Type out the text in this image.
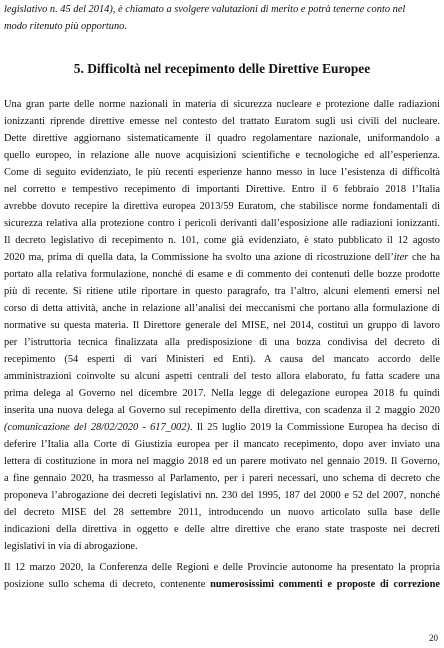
legislativo n. 45 del 2014), è chiamato a svolgere valutazioni di merito e potrà tenerne conto nel
modo ritenuto più opportuno.
5. Difficoltà nel recepimento delle Direttive Europee
Una gran parte delle norme nazionali in materia di sicurezza nucleare e protezione dalle radiazioni
ionizzanti riprende direttive emesse nel contesto del trattato Euratom sugli usi civili del nucleare.
Dette direttive aggiornano sistematicamente il quadro regolamentare nazionale, uniformandolo a
quello europeo, in relazione alle nuove acquisizioni scientifiche e tecnologiche ed all’esperienza.
Come di seguito evidenziato, le più recenti esperienze hanno messo in luce l’esistenza di difficoltà
nel corretto e tempestivo recepimento di importanti Direttive. Entro il 6 febbraio 2018 l’Italia
avrebbe dovuto recepire la direttiva europea 2013/59 Euratom, che stabilisce norme fondamentali di
sicurezza relativa alla protezione contro i pericoli derivanti dall’esposizione alle radiazioni ionizzanti.
Il decreto legislativo di recepimento n. 101, come già evidenziato, è stato pubblicato il 12 agosto
2020 ma, prima di quella data, la Commissione ha svolto una azione di ricostruzione dell’iter che ha
portato alla relativa formulazione, nonché di esame e di commento dei contenuti delle bozze prodotte
più di recente. Si ritiene utile riportare in questo paragrafo, tra l’altro, alcuni elementi emersi nel
corso di detta attività, anche in relazione all’analisi dei meccanismi che portano alla formulazione di
normative su questa materia. Il Direttore generale del MISE, nel 2014, costituì un gruppo di lavoro
per l’istruttoria tecnica finalizzata alla predisposizione di una bozza condivisa del decreto di
recepimento (54 esperti di vari Ministeri ed Enti). A causa del mancato accordo delle
amministrazioni coinvolte su alcuni aspetti centrali del testo allora elaborato, fu fatta scadere una
prima delega al Governo nel dicembre 2017. Nella legge di delegazione europea 2018 fu quindi
inserita una nuova delega al Governo sul recepimento della direttiva, con scadenza il 2 maggio 2020
(comunicazione del 28/02/2020 - 617_002). Il 25 luglio 2019 la Commissione Europea ha deciso di
deferire l’Italia alla Corte di Giustizia europea per il mancato recepimento, dopo aver inviato una
lettera di costituzione in mora nel maggio 2018 ed un parere motivato nel gennaio 2019. Il Governo,
a fine gennaio 2020, ha trasmesso al Parlamento, per i pareri necessari, uno schema di decreto che
proponeva l’abrogazione dei decreti legislativi nn. 230 del 1995, 187 del 2000 e 52 del 2007, nonché
del decreto MISE del 28 settembre 2011, introducendo un nuovo articolato sulla base delle
indicazioni della direttiva in oggetto e delle altre direttive che erano state trasposte nei decreti
legislativi in via di abrogazione.
Il 12 marzo 2020, la Conferenza delle Regioni e delle Provincie autonome ha presentato la propria
posizione sullo schema di decreto, contenente numerosissimi commenti e proposte di correzione
20
